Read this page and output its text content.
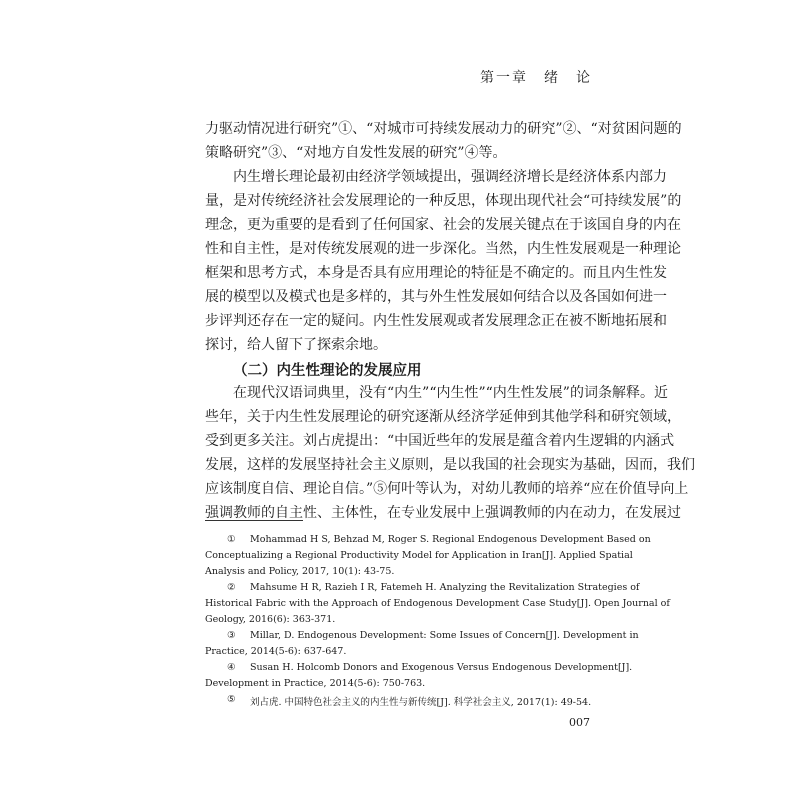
第一章　绪　论
力驱动情况进行研究”①、“对城市可持续发展动力的研究”②、“对贫困问题的
策略研究”③、“对地方自发性发展的研究”④等。
内生增长理论最初由经济学领域提出，强调经济增长是经济体系内部力
量，是对传统经济社会发展理论的一种反思，体现出现代社会“可持续发展”的
理念，更为重要的是看到了任何国家、社会的发展关键点在于该国自身的内在
性和自主性，是对传统发展观的进一步深化。当然，内生性发展观是一种理论
框架和思考方式，本身是否具有应用理论的特征是不确定的。而且内生性发
展的模型以及模式也是多样的，其与外生性发展如何结合以及各国如何进一
步评判还存在一定的疑问。内生性发展观或者发展理念正在被不断地拓展和
探讨，给人留下了探索余地。
（二）内生性理论的发展应用
在现代汉语词典里，没有“内生”“内生性”“内生性发展”的词条解释。近
些年，关于内生性发展理论的研究逐渐从经济学延伸到其他学科和研究领域，
受到更多关注。刘占虎提出：“中国近些年的发展是蕴含着内生逻辑的内涵式
发展，这样的发展坚持社会主义原则，是以我国的社会现实为基础，因而，我们
应该制度自信、理论自信。”⑤何叶等认为，对幼儿教师的培养“应在价值导向上
强调教师的自主性、主体性，在专业发展中上强调教师的内在动力，在发展过
① Mohammad H S, Behzad M, Roger S. Regional Endogenous Development Based on
Conceptualizing a Regional Productivity Model for Application in Iran[J]. Applied Spatial
Analysis and Policy, 2017, 10(1): 43-75.
② Mahsume H R, Razieh I R, Fatemeh H. Analyzing the Revitalization Strategies of
Historical Fabric with the Approach of Endogenous Development Case Study[J]. Open Journal of
Geology, 2016(6): 363-371.
③ Millar, D. Endogenous Development: Some Issues of Concern[J]. Development in
Practice, 2014(5-6): 637-647.
④ Susan H. Holcomb Donors and Exogenous Versus Endogenous Development[J].
Development in Practice, 2014(5-6): 750-763.
⑤ 刘占虎. 中国特色社会主义的内生性与新传统[J]. 科学社会主义, 2017(1): 49-54.
007
